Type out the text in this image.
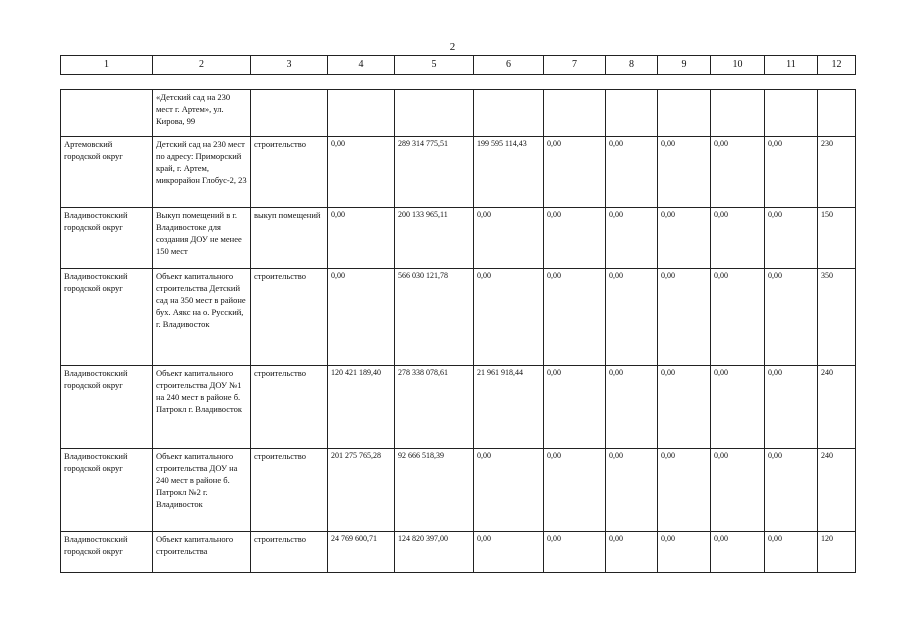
2
1	2	3	4	5	6	7	8	9	10	11	12
	«Детский сад на 230 мест г. Артем», ул. Кирова, 99										
Артемовский городской округ	Детский сад на 230 мест по адресу: Приморский край, г. Артем, микрорайон Глобус-2, 23	строительство	0,00	289 314 775,51	199 595 114,43	0,00	0,00	0,00	0,00	0,00	230
Владивостокский городской округ	Выкуп помещений в г. Владивостоке для создания ДОУ не менее 150 мест	выкуп помещений	0,00	200 133 965,11	0,00	0,00	0,00	0,00	0,00	0,00	150
Владивостокский городской округ	Объект капитального строительства Детский сад на 350 мест в районе бух. Аякс на о. Русский, г. Владивосток	строительство	0,00	566 030 121,78	0,00	0,00	0,00	0,00	0,00	0,00	350
Владивостокский городской округ	Объект капитального строительства ДОУ №1 на 240 мест в районе б. Патрокл г. Владивосток	строительство	120 421 189,40	278 338 078,61	21 961 918,44	0,00	0,00	0,00	0,00	0,00	240
Владивостокский городской округ	Объект капитального строительства ДОУ на 240 мест в районе б. Патрокл №2 г. Владивосток	строительство	201 275 765,28	92 666 518,39	0,00	0,00	0,00	0,00	0,00	0,00	240
Владивостокский городской округ	Объект капитального строительства	строительство	24 769 600,71	124 820 397,00	0,00	0,00	0,00	0,00	0,00	0,00	120
